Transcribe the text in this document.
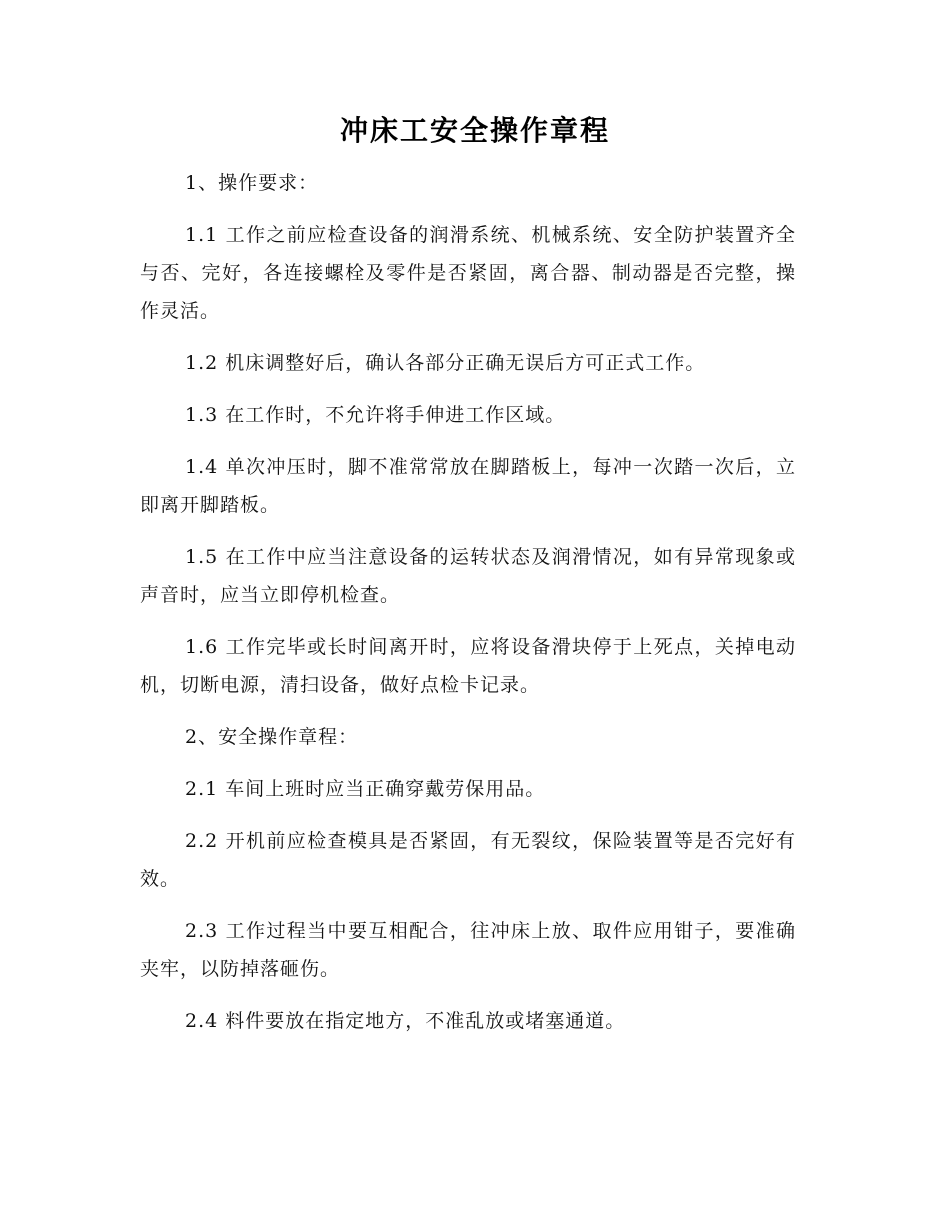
冲床工安全操作章程

1、操作要求：

1.1 工作之前应检查设备的润滑系统、机械系统、安全防护装置齐全与否、完好，各连接螺栓及零件是否紧固，离合器、制动器是否完整，操作灵活。

1.2 机床调整好后，确认各部分正确无误后方可正式工作。

1.3 在工作时，不允许将手伸进工作区域。

1.4 单次冲压时，脚不准常常放在脚踏板上，每冲一次踏一次后，立即离开脚踏板。

1.5 在工作中应当注意设备的运转状态及润滑情况，如有异常现象或声音时，应当立即停机检查。

1.6 工作完毕或长时间离开时，应将设备滑块停于上死点，关掉电动机，切断电源，清扫设备，做好点检卡记录。

2、安全操作章程：

2.1 车间上班时应当正确穿戴劳保用品。

2.2 开机前应检查模具是否紧固，有无裂纹，保险装置等是否完好有效。

2.3 工作过程当中要互相配合，往冲床上放、取件应用钳子，要准确夹牢，以防掉落砸伤。

2.4 料件要放在指定地方，不准乱放或堵塞通道。
